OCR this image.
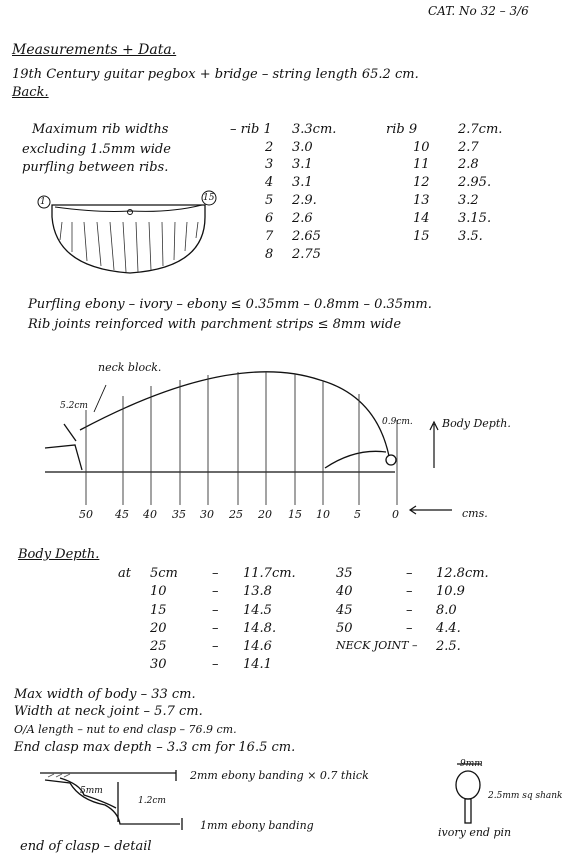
CAT. No 32 – 3/6
Measurements + Data.
19th Century guitar pegbox + bridge – string length 65.2 cm.
Back.
Maximum rib widths
excluding 1.5mm wide
purfling between ribs.
– rib 1 3.3cm.
2 3.0
3 3.1
4 3.1
5 2.9.
6 2.6
7 2.65
8 2.75
rib 9	2.7cm.
10 2.7
11 2.8
12 2.95.
13 3.2
14 3.15.
15 3.5.
1	15
Purfling ebony – ivory – ebony ≤ 0.35mm – 0.8mm – 0.35mm.
Rib joints reinforced with parchment strips ≤ 8mm wide
neck block.
5.2cm
0.9cm.	Body Depth.
50 45 40 35 30 25 20 15 10 5	0	cms.
Body Depth.
at 5cm	– 11.7cm.
10	– 13.8
15	– 14.5
20	– 14.8.
25	– 14.6
30	– 14.1
35	– 12.8cm.
40	– 10.9
45	– 8.0
50	– 4.4.
NECK JOINT – 2.5.
Max width of body – 33 cm.
Width at neck joint – 5.7 cm.
O/A length – nut to end clasp – 76.9 cm.
End clasp max depth – 3.3 cm for 16.5 cm.
5mm
1.2cm
2mm ebony banding × 0.7 thick
1mm ebony banding
end of clasp – detail
9mm
2.5mm sq shank
ivory end pin
